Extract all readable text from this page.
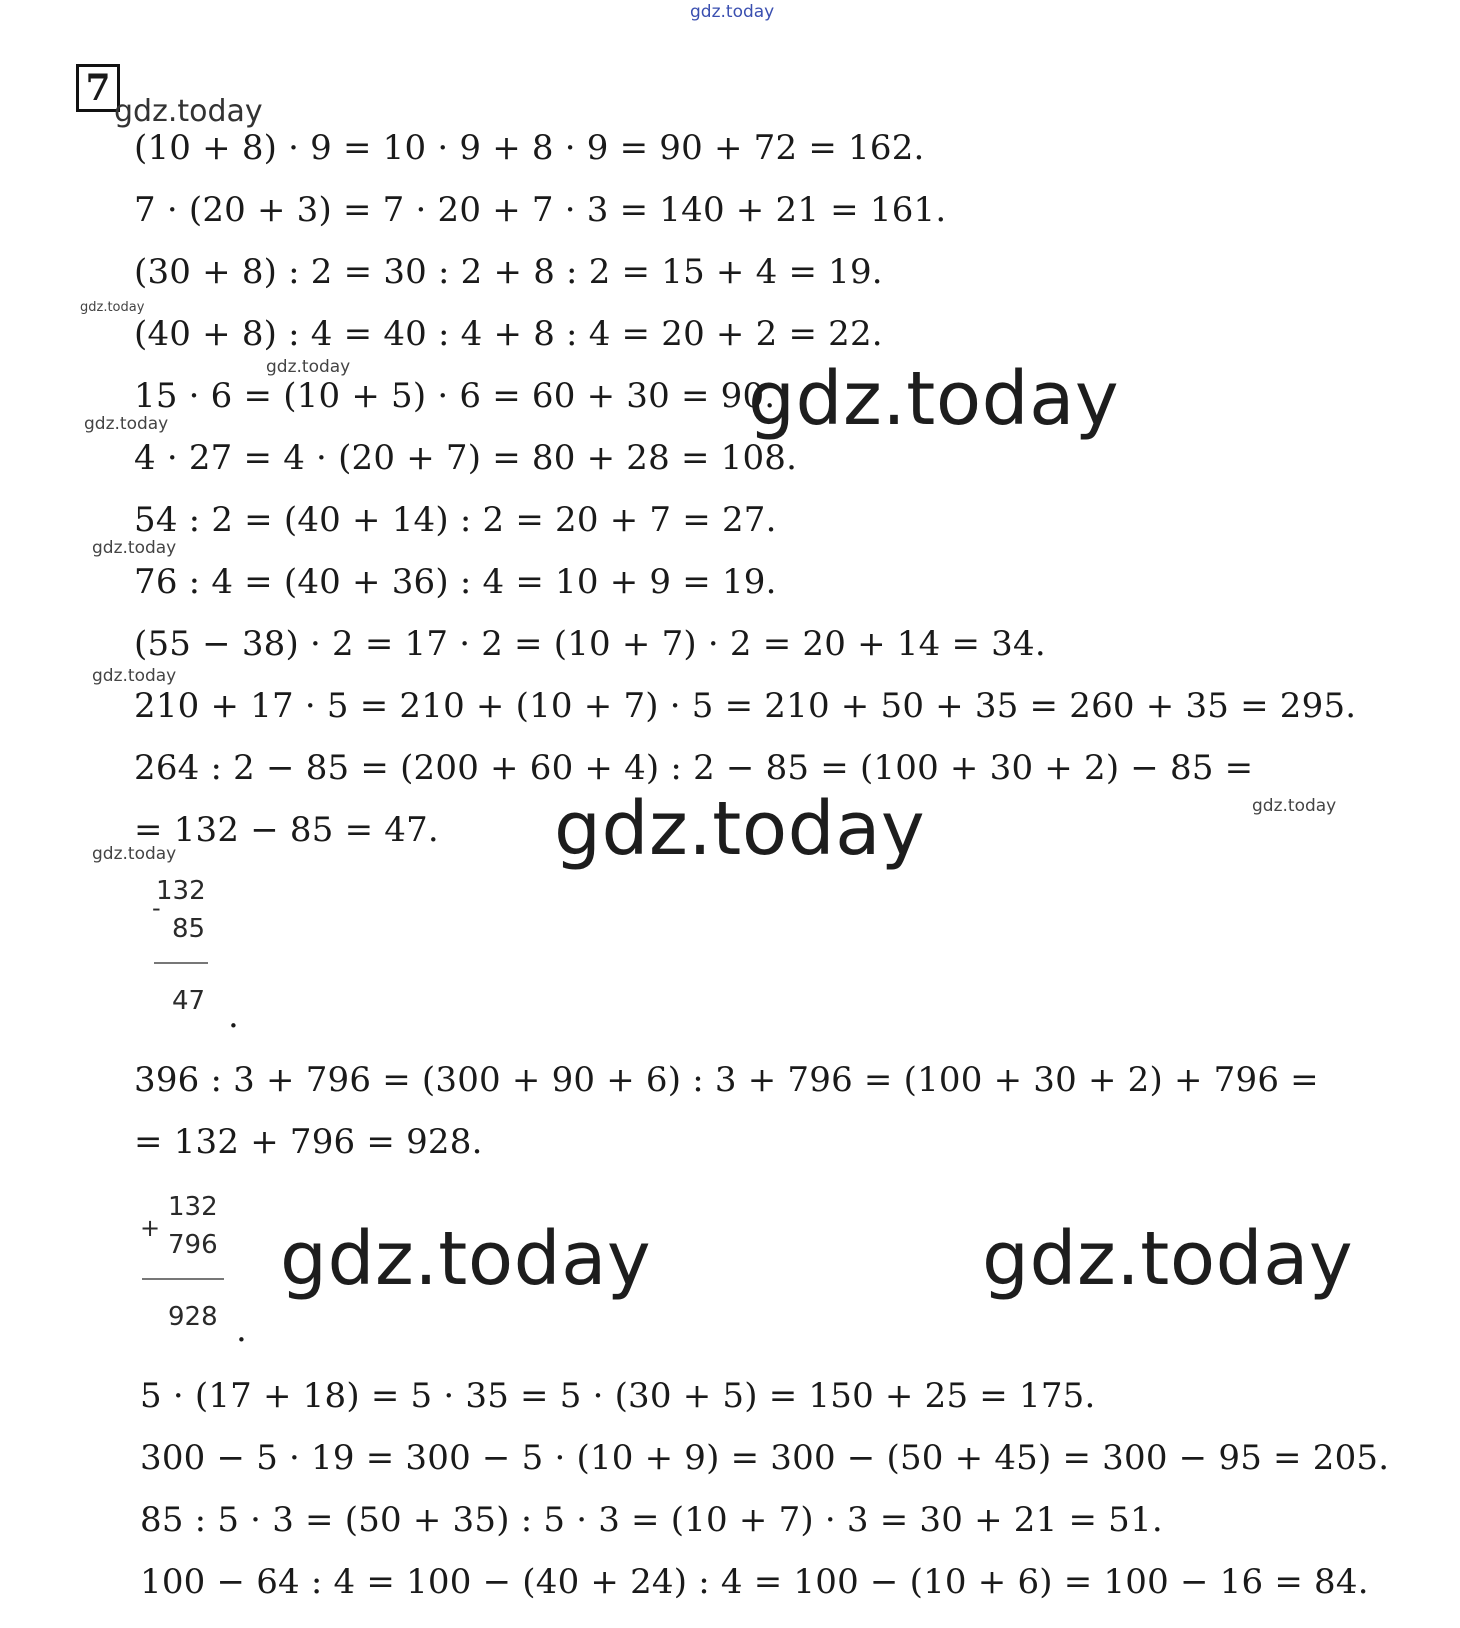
gdz.today
7
gdz.today
gdz.today
gdz.today
gdz.today
gdz.today
gdz.today
gdz.today
gdz.today
gdz.today
gdz.today
gdz.today	gdz.today
(10 + 8) · 9 = 10 · 9 + 8 · 9 = 90 + 72 = 162.
7 · (20 + 3) = 7 · 20 + 7 · 3 = 140 + 21 = 161.
(30 + 8) : 2 = 30 : 2 + 8 : 2 = 15 + 4 = 19.
(40 + 8) : 4 = 40 : 4 + 8 : 4 = 20 + 2 = 22.
15 · 6 = (10 + 5) · 6 = 60 + 30 = 90.
4 · 27 = 4 · (20 + 7) = 80 + 28 = 108.
54 : 2 = (40 + 14) : 2 = 20 + 7 = 27.
76 : 4 = (40 + 36) : 4 = 10 + 9 = 19.
(55 − 38) · 2 = 17 · 2 = (10 + 7) · 2 = 20 + 14 = 34.
210 + 17 · 5 = 210 + (10 + 7) · 5 = 210 + 50 + 35 = 260 + 35 = 295.
264 : 2 − 85 = (200 + 60 + 4) : 2 − 85 = (100 + 30 + 2) − 85 =
= 132 − 85 = 47.
132
-
85
47 .
396 : 3 + 796 = (300 + 90 + 6) : 3 + 796 = (100 + 30 + 2) + 796 =
= 132 + 796 = 928.
132
+
796
928 .
5 · (17 + 18) = 5 · 35 = 5 · (30 + 5) = 150 + 25 = 175.
300 − 5 · 19 = 300 − 5 · (10 + 9) = 300 − (50 + 45) = 300 − 95 = 205.
85 : 5 · 3 = (50 + 35) : 5 · 3 = (10 + 7) · 3 = 30 + 21 = 51.
100 − 64 : 4 = 100 − (40 + 24) : 4 = 100 − (10 + 6) = 100 − 16 = 84.
